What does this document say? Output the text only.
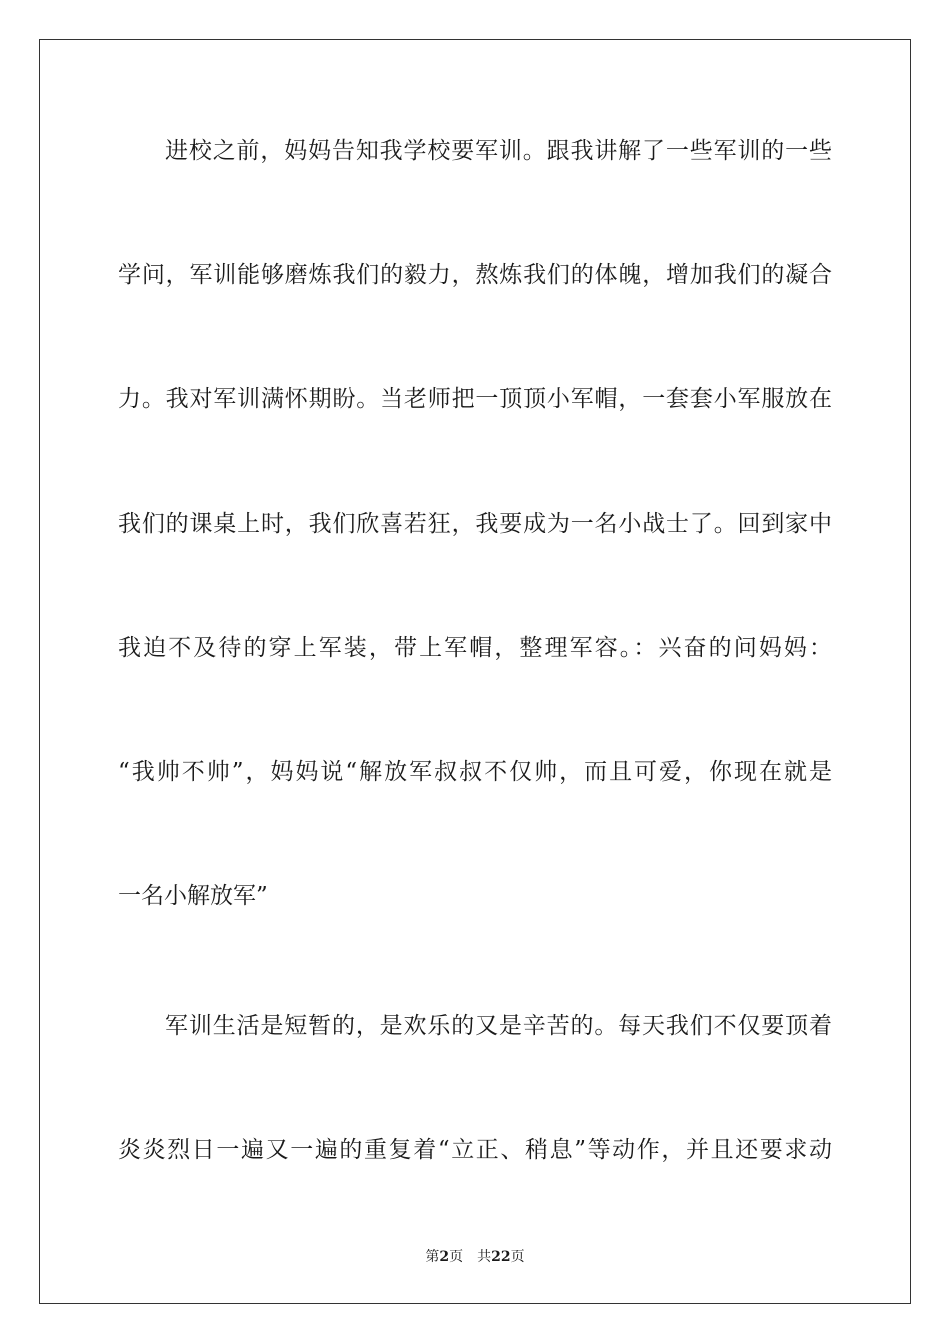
进校之前，妈妈告知我学校要军训。跟我讲解了一些军训的一些
学问，军训能够磨炼我们的毅力，熬炼我们的体魄，增加我们的凝合
力。我对军训满怀期盼。当老师把一顶顶小军帽，一套套小军服放在
我们的课桌上时，我们欣喜若狂，我要成为一名小战士了。回到家中
我迫不及待的穿上军装，带上军帽，整理军容。：兴奋的问妈妈：
“我帅不帅”，妈妈说“解放军叔叔不仅帅，而且可爱，你现在就是
一名小解放军”
军训生活是短暂的，是欢乐的又是辛苦的。每天我们不仅要顶着
炎炎烈日一遍又一遍的重复着“立正、稍息”等动作，并且还要求动
第2页 共22页
